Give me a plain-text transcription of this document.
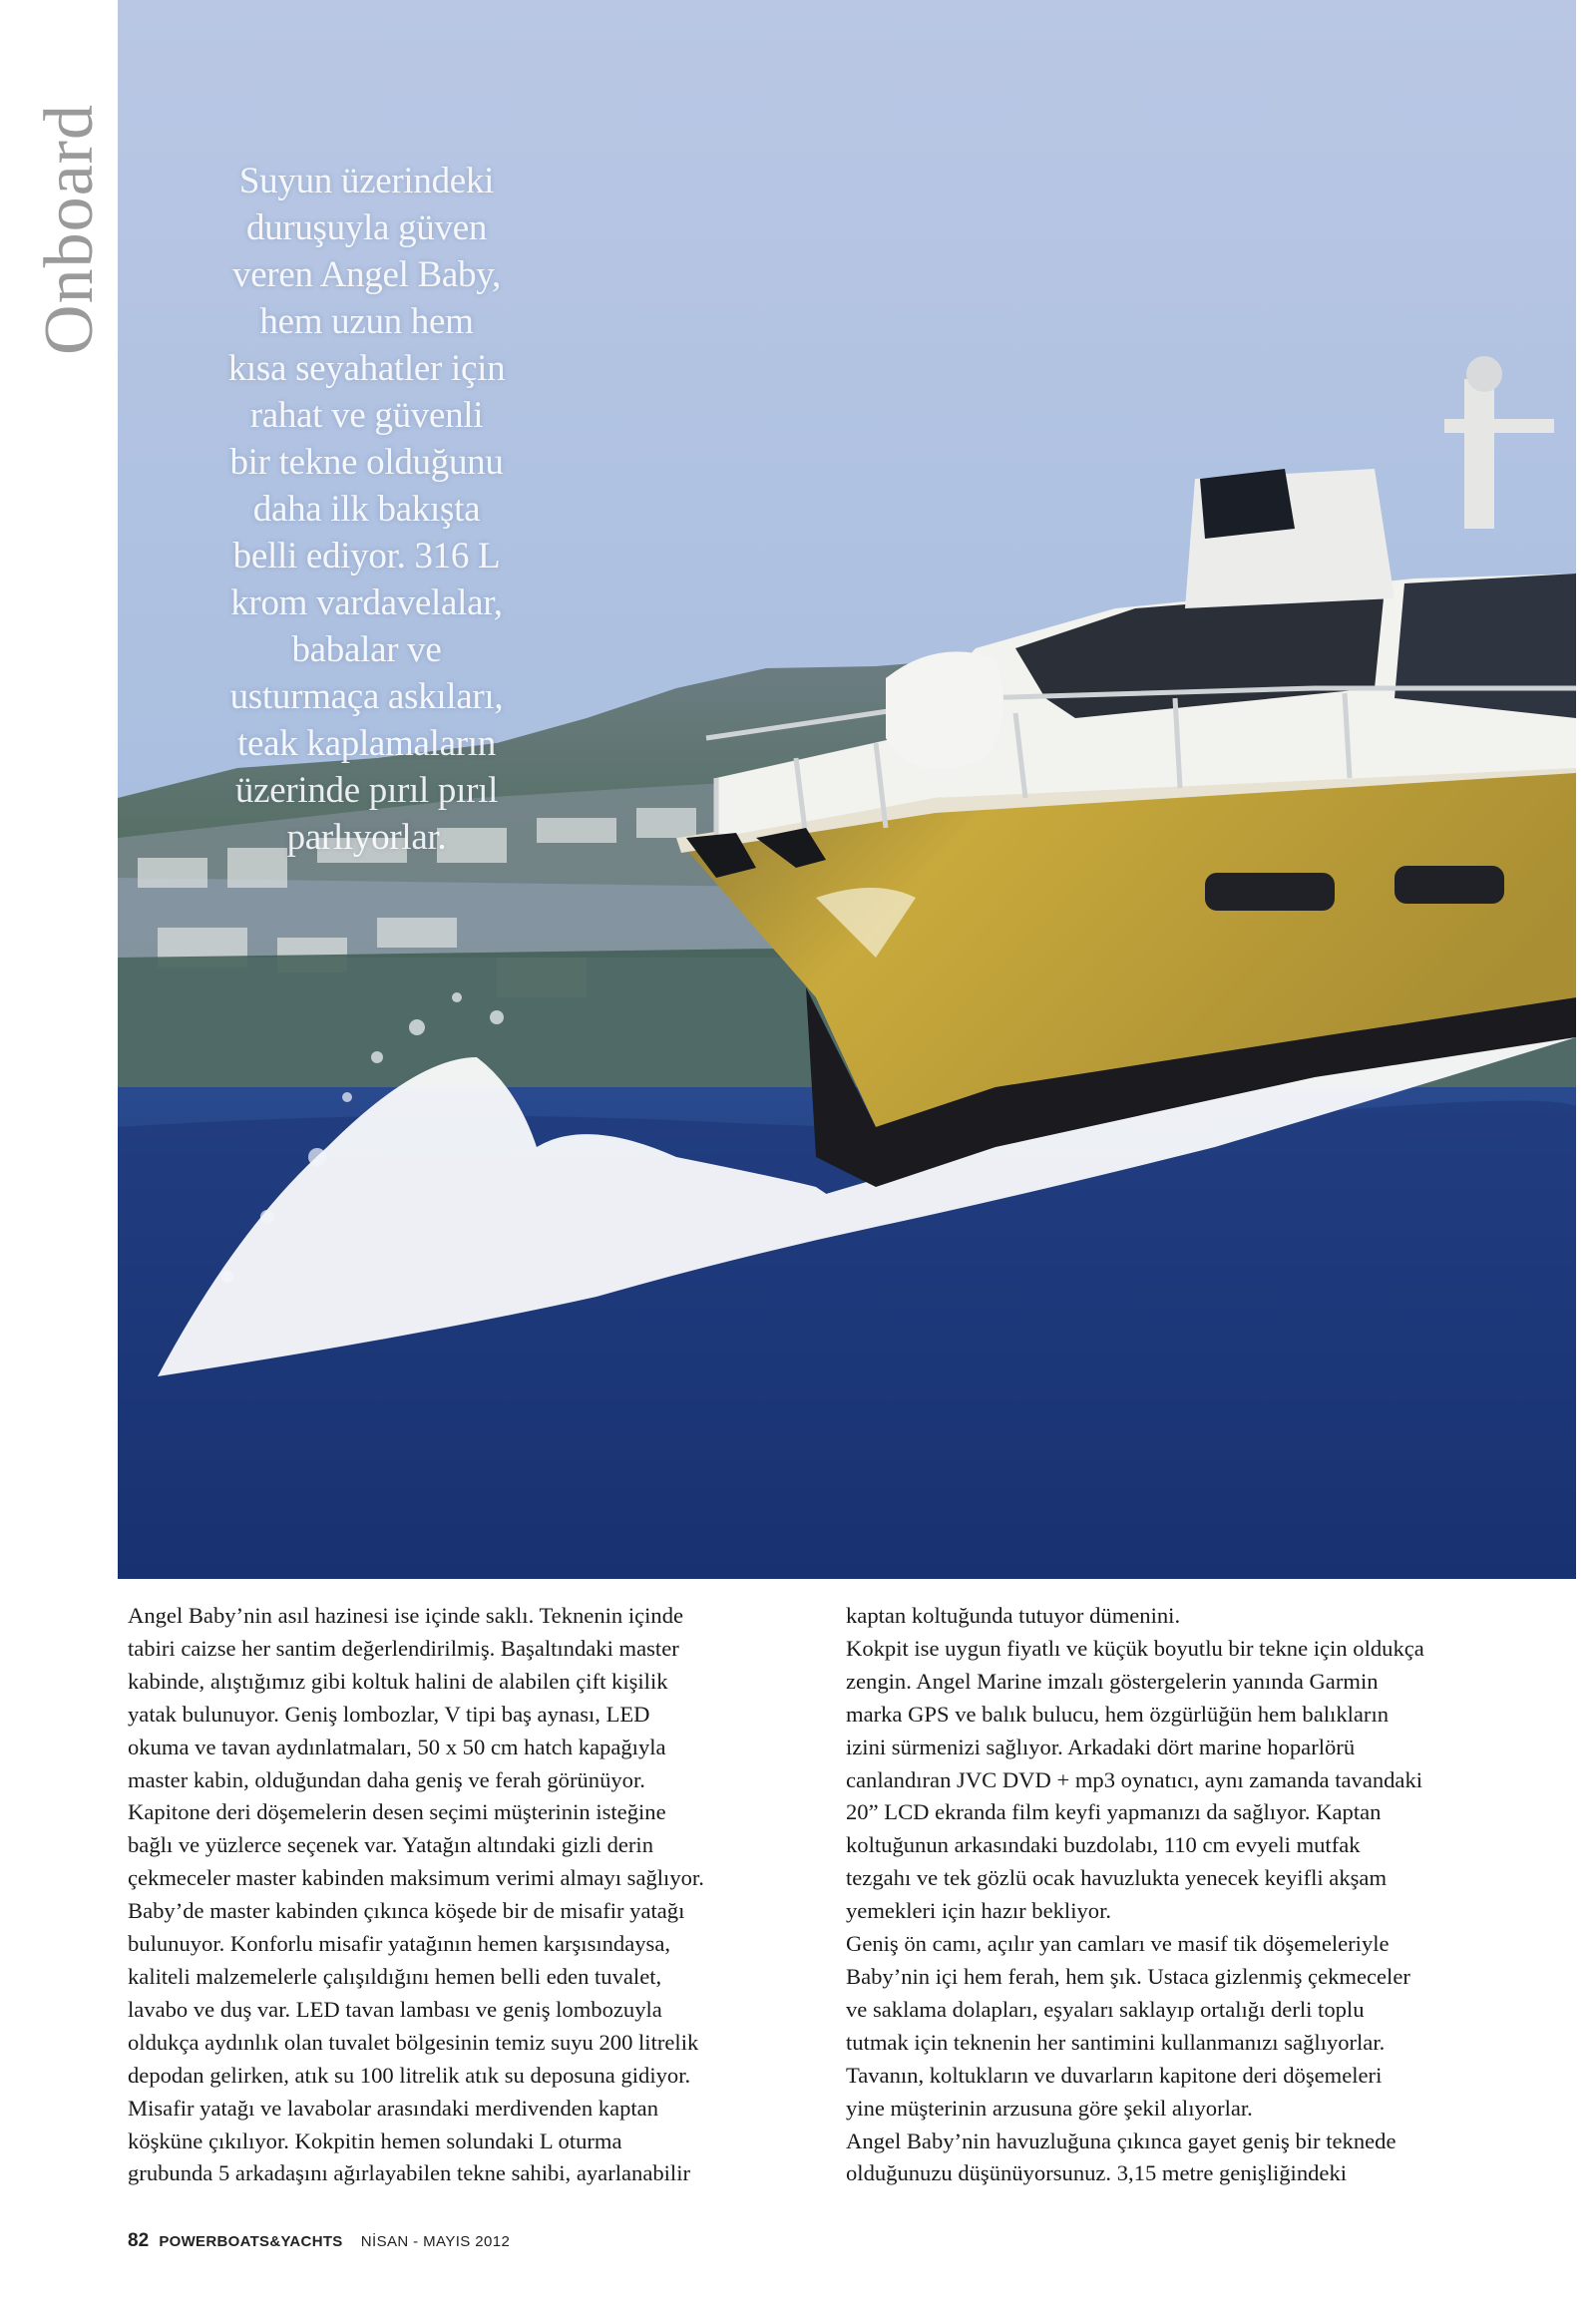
Onboard	Suyun üzerindeki
duruşuyla güven
veren Angel Baby,
hem uzun hem
kısa seyahatler için
rahat ve güvenli
bir tekne olduğunu
daha ilk bakışta
belli ediyor. 316 L
krom vardavelalar,
babalar ve
usturmaça askıları,
teak kaplamaların
üzerinde pırıl pırıl
parlıyorlar.
Angel Baby’nin asıl hazinesi ise içinde saklı. Teknenin içinde
tabiri caizse her santim değerlendirilmiş. Başaltındaki master
kabinde, alıştığımız gibi koltuk halini de alabilen çift kişilik
yatak bulunuyor. Geniş lombozlar, V tipi baş aynası, LED
okuma ve tavan aydınlatmaları, 50 x 50 cm hatch kapağıyla
master kabin, olduğundan daha geniş ve ferah görünüyor.
Kapitone deri döşemelerin desen seçimi müşterinin isteğine
bağlı ve yüzlerce seçenek var. Yatağın altındaki gizli derin
çekmeceler master kabinden maksimum verimi almayı sağlıyor.
Baby’de master kabinden çıkınca köşede bir de misafir yatağı
bulunuyor. Konforlu misafir yatağının hemen karşısındaysa,
kaliteli malzemelerle çalışıldığını hemen belli eden tuvalet,
lavabo ve duş var. LED tavan lambası ve geniş lombozuyla
oldukça aydınlık olan tuvalet bölgesinin temiz suyu 200 litrelik
depodan gelirken, atık su 100 litrelik atık su deposuna gidiyor.
Misafir yatağı ve lavabolar arasındaki merdivenden kaptan
köşküne çıkılıyor. Kokpitin hemen solundaki L oturma
grubunda 5 arkadaşını ağırlayabilen tekne sahibi, ayarlanabilir
kaptan koltuğunda tutuyor dümenini.
Kokpit ise uygun fiyatlı ve küçük boyutlu bir tekne için oldukça
zengin. Angel Marine imzalı göstergelerin yanında Garmin
marka GPS ve balık bulucu, hem özgürlüğün hem balıkların
izini sürmenizi sağlıyor. Arkadaki dört marine hoparlörü
canlandıran JVC DVD + mp3 oynatıcı, aynı zamanda tavandaki
20” LCD ekranda film keyfi yapmanızı da sağlıyor. Kaptan
koltuğunun arkasındaki buzdolabı, 110 cm evyeli mutfak
tezgahı ve tek gözlü ocak havuzlukta yenecek keyifli akşam
yemekleri için hazır bekliyor.
Geniş ön camı, açılır yan camları ve masif tik döşemeleriyle
Baby’nin içi hem ferah, hem şık. Ustaca gizlenmiş çekmeceler
ve saklama dolapları, eşyaları saklayıp ortalığı derli toplu
tutmak için teknenin her santimini kullanmanızı sağlıyorlar.
Tavanın, koltukların ve duvarların kapitone deri döşemeleri
yine müşterinin arzusuna göre şekil alıyorlar.
Angel Baby’nin havuzluğuna çıkınca gayet geniş bir teknede
olduğunuzu düşünüyorsunuz. 3,15 metre genişliğindeki
82 POWERBOATS&YACHTS NİSAN - MAYIS 2012
